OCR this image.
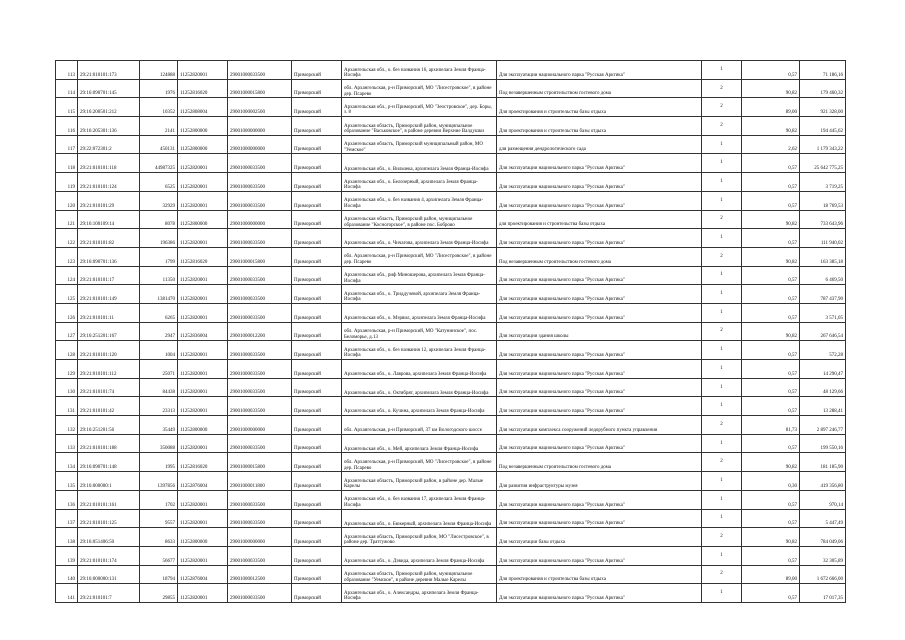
113	29:21:010101:173	124888	11252820001	29001000033500	Приморский	Архангельская обл., о. без названия 16, архипелага Земля Франца-Иосифа	Для эксплуатации национального парка "Русская Арктика"	1	0,57	71 186,16
114	29:16:090701:145	1976	11252816020	29001000015800	Приморский	обл. Архангельская, р-н Приморский, МО "Лисестровское", в районе дер. Псарево	Под незавершенным строительством гостевого дома	2	90,82	179 460,32
115	29:16:200501:212	10352	11252808004	29001000002500	Приморский	Архангельская обл., р-н Приморский, МО "Зеостровское", дер. Боры, з. 8	Для проектирования и строительства базы отдыха	2	89,00	921 328,00
116	29:16:205301:136	2141	11252800000	29001000000000	Приморский	Архангельская область, Приморский район, муниципальное образование "Васьковское", в районе деревни Верхние Валдушки	Для проектирования и строительства базы отдыха	2	90,82	194 445,62
117	29:22:072301:2	450131	11252800000	29001000000000	Приморский	Архангельская область, Приморский муниципальный район, МО "Уемское"	для размещения дендрологического сада	1	2,62	1 179 343,22
118	29:21:010101:118	44987325	11252820001	29001000033500	Приморский	Архангельская обл., о. Вильчека, архипелага Земля Франца-Иосифа	Для эксплуатации национального парка "Русская Арктика"	1	0,57	25 642 775,25
119	29:21:010101:124	6525	11252820001	29001000033500	Приморский	Архангельская обл., о. Белозерный, архипелага Земля Франца-Иосифа	Для эксплуатации национального парка "Русская Арктика"	1	0,57	3 719,25
120	29:21:010101:29	32929	11252820001	29001000033500	Приморский	Архангельская обл., о. без названия 4, архипелага Земля Франца-Иосифа	Для эксплуатации национального парка "Русская Арктика"	1	0,57	18 769,53
121	29:16:100109:14	8078	11252800000	29001000000000	Приморский	Архангельская область, Приморский район, муниципальное образование "Косногорское", в районе пос. Боброво	для проектирования и строительства базы отдыха	2	90,82	733 643,96
122	29:21:010101:82	196386	11252820001	29001000033500	Приморский	Архангельская обл., о. Чичагова, архипелага Земля Франца-Иосифа	Для эксплуатации национального парка "Русская Арктика"	1	0,57	111 940,02
123	29:16:090701:136	1799	11252816020	29001000015800	Приморский	обл. Архангельская, р-н Приморский, МО "Лисестровское", в районе дер. Псарево	Под незавершенным строительством гостевого дома	2	90,82	163 385,18
124	29:21:010101:17	11350	11252820001	29001000033500	Приморский	Архангельская обл., риф Миношерова, архипелага Земля Франца-Иосифа	Для эксплуатации национального парка "Русская Арктика"	1	0,57	6 469,50
125	29:21:010101:149	1381470	11252820001	29001000033500	Приморский	Архангельская обл., о. Триддучевой, архипелага Земля Франца-Иосифа	Для эксплуатации национального парка "Русская Арктика"	1	0,57	787 437,90
126	29:21:010101:11	6265	11252820001	29001000033500	Приморский	Архангельская обл., о. Мэрвил, архипелага Земля Франца-Иосифа	Для эксплуатации национального парка "Русская Арктика"	1	0,57	3 571,05
127	29:16:251201:167	2947	11252836004	29001000012200	Приморский	обл. Архангельская, р-н Приморский, МО "Катунинское", пос. Беломорье, д.13	Для эксплуатации здания школы	2	90,82	267 646,54
128	29:21:010101:120	1004	11252820001	29001000033500	Приморский	Архангельская обл., о. без названия 12, архипелага Земля Франца-Иосифа	Для эксплуатации национального парка "Русская Арктика"	1	0,57	572,28
129	29:21:010101:112	25071	11252820001	29001000033500	Приморский	Архангельская обл., о. Лаврова, архипелага Земля Франца-Иосифа	Для эксплуатации национального парка "Русская Арктика"	1	0,57	14 290,47
130	29:21:010101:74	84438	11252820001	29001000033500	Приморский	Архангельская обл., о. Октябрят, архипелага Земля Франца-Иосифа	Для эксплуатации национального парка "Русская Арктика"	1	0,57	48 129,66
131	29:21:010101:42	23313	11252820001	29001000033500	Приморский	Архангельская обл., о. Кучина, архипелага Земля Франца-Иосифа	Для эксплуатации национального парка "Русская Арктика"	1	0,57	13 288,41
132	29:16:251201:56	35449	11252800000	29001000000000	Приморский	обл. Архангельская, р-н Приморский, 37 км Вологодского шоссе	Для эксплуатации комплекса сооружений ледорубного пункта управления	2	81,73	2 897 246,77
133	29:21:010101:188	350088	11252820001	29001000033500	Приморский	Архангельская обл., о. Мей, архипелага Земля Франца-Иосифа	Для эксплуатации национального парка "Русская Арктика"	1	0,57	199 550,16
134	29:16:090701:148	1995	11252816020	29001000015800	Приморский	обл. Архангельская, р-н Приморский, МО "Лисестровское", в районе дер. Псарево	Под незавершенным строительством гостевого дома	2	90,82	181 185,90
135	29:16:000000:1	1397856	11252876004	29001000011800	Приморский	Архангельская область, Приморский район, в районе дер. Малые Карелы	Для развития инфраструктуры музея	1	0,30	419 356,80
136	29:21:010101:161	1702	11252820001	29001000033500	Приморский	Архангельская обл., о. без названия 17, архипелага Земля Франца-Иосифа	Для эксплуатации национального парка "Русская Арктика"	1	0,57	970,14
137	29:21:010101:125	9557	11252820001	29001000033500	Приморский	Архангельская обл., о. Бюкерный, архипелага Земля Франца-Иосифа	Для эксплуатации национального парка "Русская Арктика"	1	0,57	5 447,49
138	29:16:051406:50	8633	11252800000	29001000000000	Приморский	Архангельская область, Приморский район, МО "Лисестровское", в районе дер. Тратгужово	Для эксплуатации базы отдыха	2	90,82	784 049,06
139	29:21:010101:174	56677	11252820001	29001000033500	Приморский	Архангельская обл., о. Дэвида, архипелага Земля Франца-Иосифа	Для эксплуатации национального парка "Русская Арктика"	1	0,57	32 305,89
140	29:16:000000:131	18794	11252876004	29001000012500	Приморский	Архангельская область, Приморский район, муниципальное образование "Уемское", в районе деревни Малые Карелы	Для проектирования и строительства базы отдыха	2	89,00	1 672 666,00
141	29:21:010101:7	29855	11252820001	29001000033500	Приморский	Архангельская обл., о. Александры, архипелага Земля Франца-Иосифа	Для эксплуатации национального парка "Русская Арктика"	1	0,57	17 017,35
